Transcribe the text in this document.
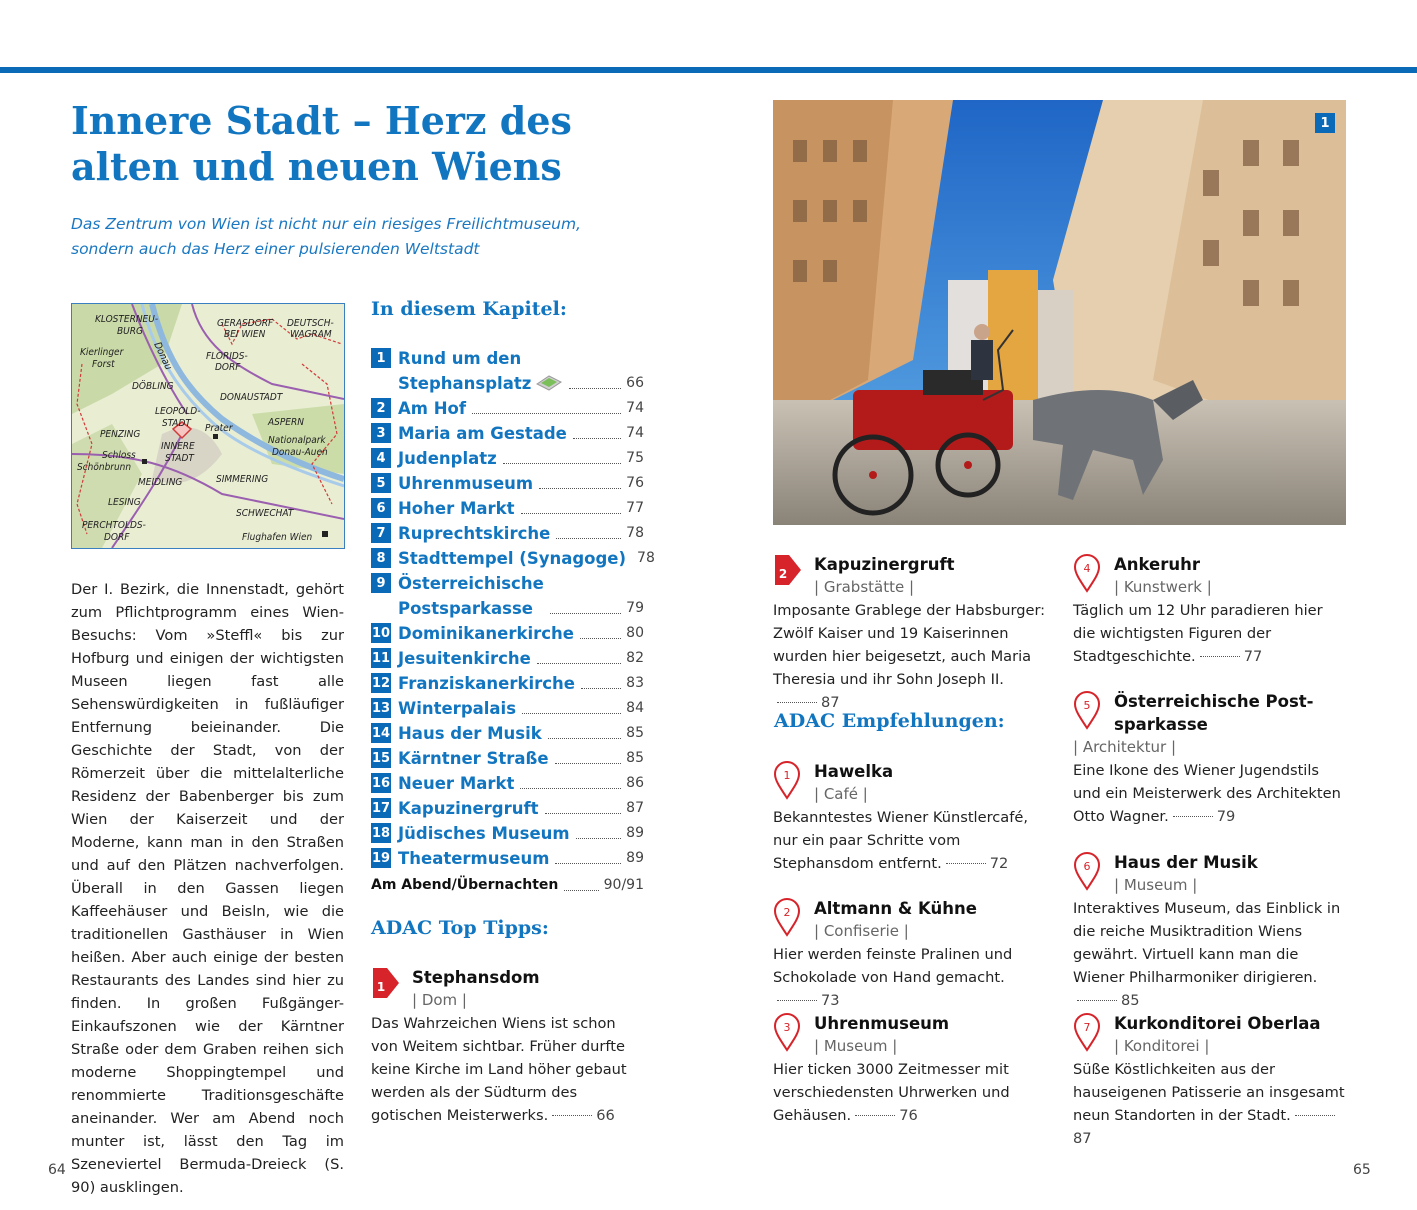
Innere Stadt – Herz des
alten und neuen Wiens

Das Zentrum von Wien ist nicht nur ein riesiges Freilichtmuseum,
sondern auch das Herz einer pulsierenden Weltstadt

KLOSTERNEU-
BURG
GERASDORF
BEI WIEN
DEUTSCH-
WAGRAM
Kierlinger
Forst	Donau	FLORIDS-
DORF
DÖBLING
DONAUSTADT
LEOPOLD-
STADT Prater
ASPERN
PENZING
INNERE
STADT
Nationalpark
Donau-Auen
Schloss
Schönbrunn
MEIDLING	SIMMERING
LESING
SCHWECHAT
PERCHTOLDS-
DORF	Flughafen Wien

Der I. Bezirk, die Innenstadt, gehört zum Pflichtprogramm eines Wien-Besuchs: Vom »Steffl« bis zur Hofburg und einigen der wichtigsten Museen liegen fast alle Sehenswürdigkeiten in fußläufiger Entfernung beieinander. Die Geschichte der Stadt, von der Römerzeit über die mittelalterliche Residenz der Babenberger bis zum Wien der Kaiserzeit und der Moderne, kann man in den Straßen und auf den Plätzen nachverfolgen. Überall in den Gassen liegen Kaffeehäuser und Beisln, wie die traditionellen Gasthäuser in Wien heißen. Aber auch einige der besten Restaurants des Landes sind hier zu finden. In großen Fußgänger-Einkaufszonen wie der Kärntner Straße oder dem Graben reihen sich moderne Shoppingtempel und renommierte Traditionsgeschäfte aneinander. Wer am Abend noch munter ist, lässt den Tag im Szeneviertel Bermuda-Dreieck (S. 90) ausklingen.

In diesem Kapitel:
1 Rund um den
Stephansplatz	66
2 Am Hof	74
3 Maria am Gestade	74
4 Judenplatz	75
5 Uhrenmuseum	76
6 Hoher Markt	77
7 Ruprechtskirche	78
8 Stadttempel (Synagoge) 78
9 Österreichische
Postsparkasse	79
10 Dominikanerkirche	80
11 Jesuitenkirche	82
12 Franziskanerkirche	83
13 Winterpalais	84
14 Haus der Musik	85
15 Kärntner Straße	85
16 Neuer Markt	86
17 Kapuzinergruft	87
18 Jüdisches Museum	89
19 Theatermuseum	89
Am Abend/Übernachten	90/91
ADAC Top Tipps:
1 Stephansdom
| Dom |
Das Wahrzeichen Wiens ist schon von Weitem sichtbar. Früher durfte keine Kirche im Land höher gebaut werden als der Südturm des gotischen Meisterwerks.	66
1
2 Kapuzinergruft
| Grabstätte |
Imposante Grablege der Habsburger: Zwölf Kaiser und 19 Kaiserinnen wurden hier beigesetzt, auch Maria Theresia und ihr Sohn Joseph II.87
ADAC Empfehlungen:
1 Hawelka
| Café |
Bekanntestes Wiener Künstlercafé, nur ein paar Schritte vom Stephansdom entfernt.	72
2 Altmann & Kühne
| Confiserie |
Hier werden feinste Pralinen und Schokolade von Hand gemacht.73
3 Uhrenmuseum
| Museum |
Hier ticken 3000 Zeitmesser mit verschiedensten Uhrwerken und Gehäusen.	76
4 Ankeruhr
| Kunstwerk |
Täglich um 12 Uhr paradieren hier die wichtigsten Figuren der Stadtgeschichte.	77
5 Österreichische Post-
sparkasse
| Architektur |
Eine Ikone des Wiener Jugendstils und ein Meisterwerk des Architekten Otto Wagner.	79
6 Haus der Musik
| Museum |
Interaktives Museum, das Einblick in die reiche Musiktradition Wiens gewährt. Virtuell kann man die Wiener Philharmoniker dirigieren.85
7 Kurkonditorei Oberlaa
| Konditorei |
Süße Köstlichkeiten aus der hauseigenen Patisserie an insgesamt neun Standorten in der Stadt.87
64	65
